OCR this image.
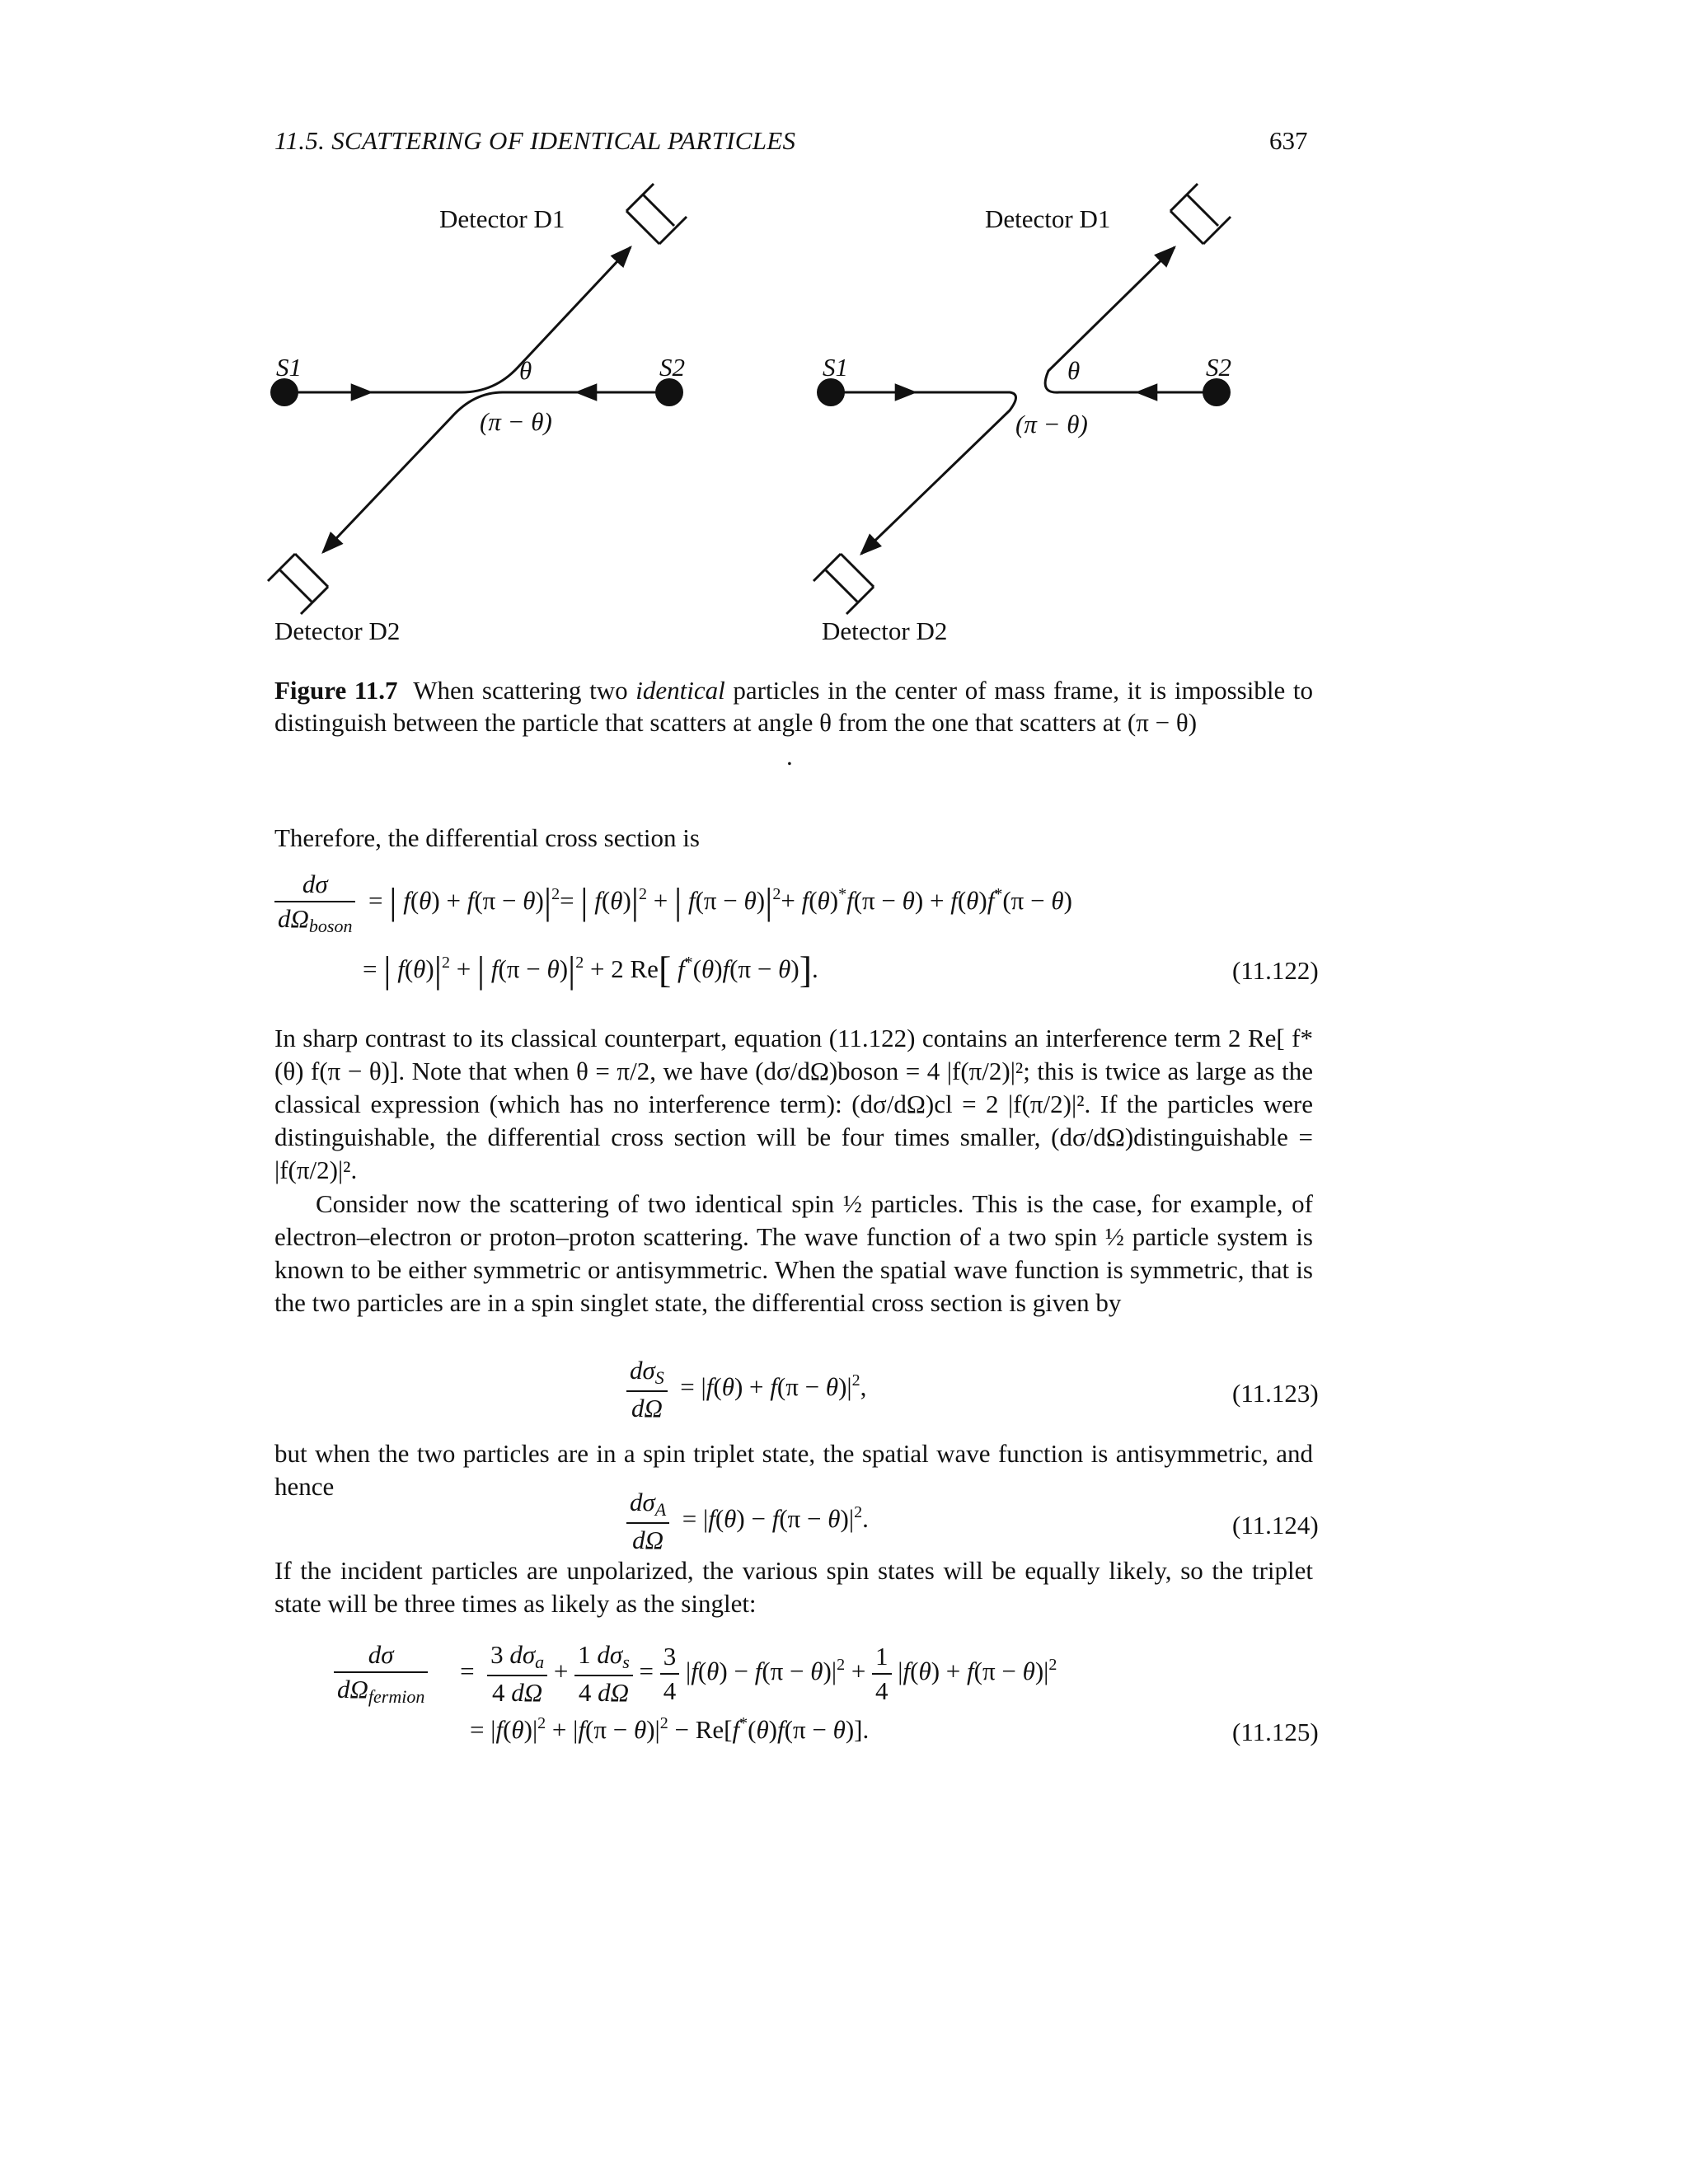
11.5. SCATTERING OF IDENTICAL PARTICLES	637
Detector D1
Detector D2
S1	S2
θ
(π − θ)
Detector D1
Detector D2
S1	S2
θ
(π − θ)
Figure 11.7 When scattering two identical particles in the center of mass frame, it is impossible to distinguish between the particle that scatters at angle θ from the one that scatters at (π − θ)
.
Therefore, the differential cross section is
$\frac{d\sigma}{d\Omega_{boson}}$ = | $f(\theta) + f(\pi - \theta)|^2=$ | $f(\theta)|^2$ + | $f(\pi - \theta)|^2+ f(\theta)^*f(\pi - \theta) + f(\theta)f^*(\pi - \theta)$
= | $f(\theta)|^2$ + | $f(\pi - \theta)|^2 + 2$ Re[ f*(θ)f(π − θ)].	(11.122)
In sharp contrast to its classical counterpart, equation (11.122) contains an interference term 2 Re[ f*(θ) f(π − θ)]. Note that when θ = π/2, we have (dσ/dΩ)boson = 4 |f(π/2)|²; this is twice as large as the classical expression (which has no interference term): (dσ/dΩ)cl = 2 |f(π/2)|². If the particles were distinguishable, the differential cross section will be four times smaller, (dσ/dΩ)distinguishable = |f(π/2)|².
Consider now the scattering of two identical spin ½ particles. This is the case, for example, of electron–electron or proton–proton scattering. The wave function of a two spin ½ particle system is known to be either symmetric or antisymmetric. When the spatial wave function is symmetric, that is the two particles are in a spin singlet state, the differential cross section is given by
$\frac{d\sigma_S}{d\Omega} = |f(\theta) + f(\pi - \theta)|^2$,	(11.123)
but when the two particles are in a spin triplet state, the spatial wave function is antisymmetric, and hence
$\frac{d\sigma_A}{d\Omega} = |f(\theta) - f(\pi - \theta)|^2$.	(11.124)
If the incident particles are unpolarized, the various spin states will be equally likely, so the triplet state will be three times as likely as the singlet:
$\frac{d\sigma}{d\Omega_{fermion}} = \frac{3 d\sigma_a}{4 d\Omega} + \frac{1 d\sigma_s}{4 d\Omega} = \frac{3}{4} |f(\theta) - f(\pi - \theta)|^2 + \frac{1}{4} |f(\theta) + f(\pi - \theta)|^2$
= $|f(\theta)|^2 + |f(\pi - \theta)|^2 - Re[f^*(\theta)f(\pi - \theta)]$.	(11.125)
